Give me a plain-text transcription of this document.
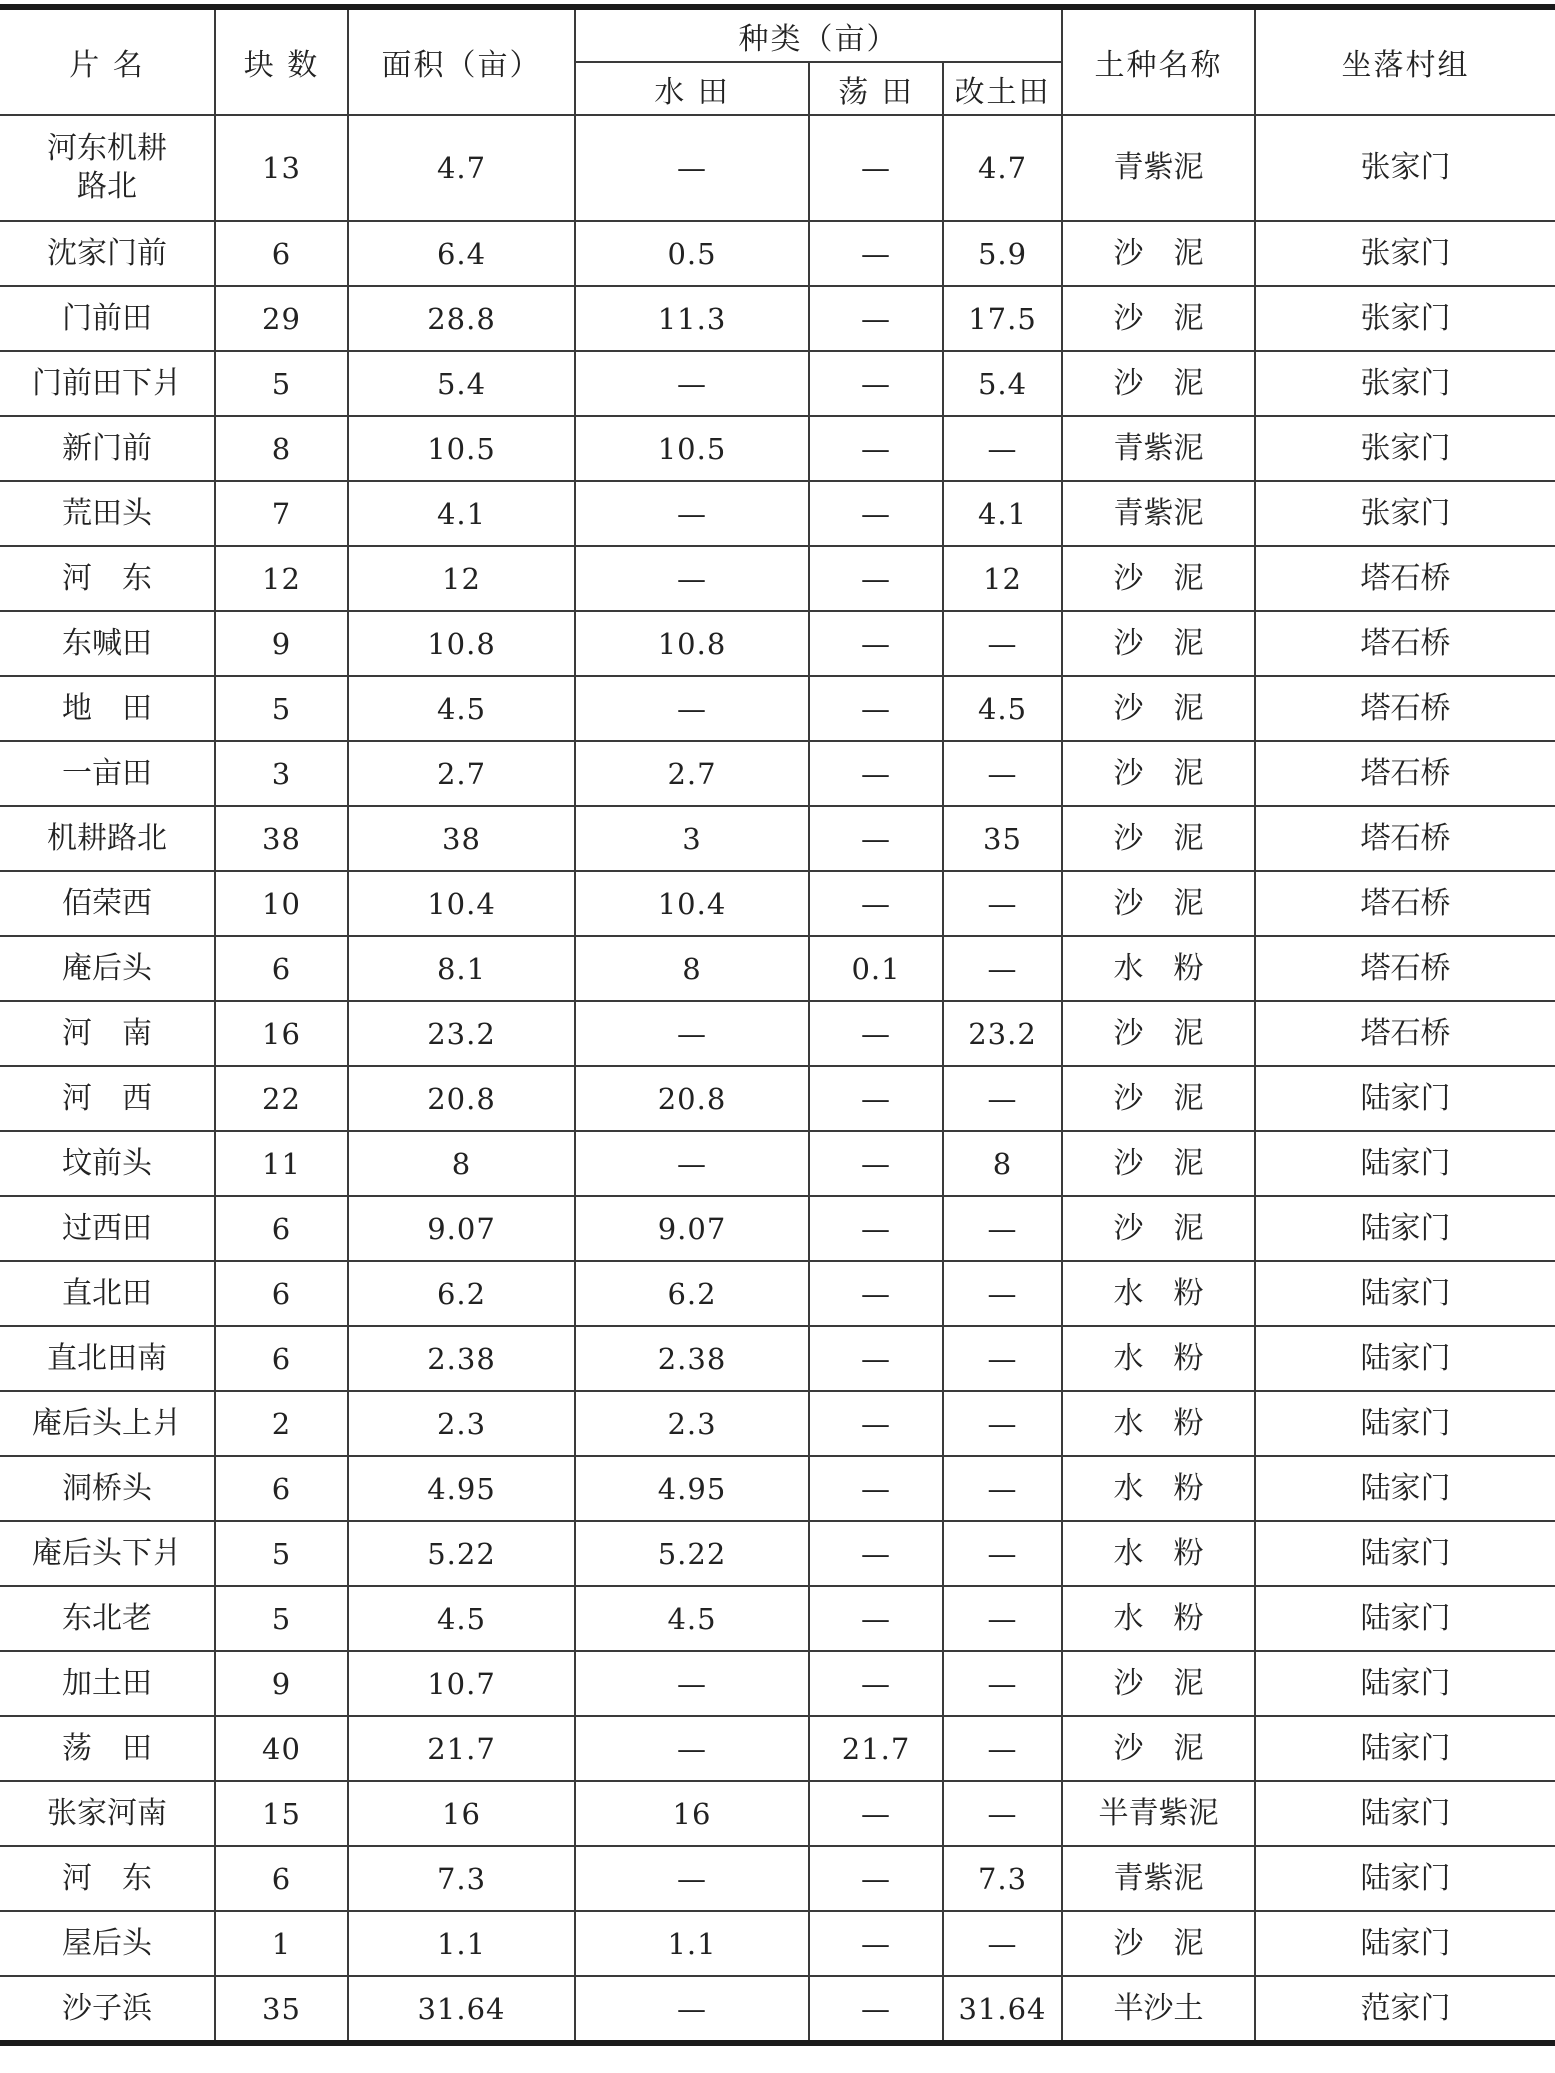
片 名	块 数	面积（亩）	种类（亩）			土种名称	坐落村组
			水 田	荡 田	改土田		
河东机耕路北	13	4.7	—	—	4.7	青紫泥	张家门
沈家门前	6	6.4	0.5	—	5.9	沙　泥	张家门
门前田	29	28.8	11.3	—	17.5	沙　泥	张家门
门前田下爿	5	5.4	—	—	5.4	沙　泥	张家门
新门前	8	10.5	10.5	—	—	青紫泥	张家门
荒田头	7	4.1	—	—	4.1	青紫泥	张家门
河　东	12	12	—	—	12	沙　泥	塔石桥
东喊田	9	10.8	10.8	—	—	沙　泥	塔石桥
地　田	5	4.5	—	—	4.5	沙　泥	塔石桥
一亩田	3	2.7	2.7	—	—	沙　泥	塔石桥
机耕路北	38	38	3	—	35	沙　泥	塔石桥
佰荣西	10	10.4	10.4	—	—	沙　泥	塔石桥
庵后头	6	8.1	8	0.1	—	水　粉	塔石桥
河　南	16	23.2	—	—	23.2	沙　泥	塔石桥
河　西	22	20.8	20.8	—	—	沙　泥	陆家门
坟前头	11	8	—	—	8	沙　泥	陆家门
过西田	6	9.07	9.07	—	—	沙　泥	陆家门
直北田	6	6.2	6.2	—	—	水　粉	陆家门
直北田南	6	2.38	2.38	—	—	水　粉	陆家门
庵后头上爿	2	2.3	2.3	—	—	水　粉	陆家门
洞桥头	6	4.95	4.95	—	—	水　粉	陆家门
庵后头下爿	5	5.22	5.22	—	—	水　粉	陆家门
东北老	5	4.5	4.5	—	—	水　粉	陆家门
加土田	9	10.7	—	—	—	沙　泥	陆家门
荡　田	40	21.7	—	21.7	—	沙　泥	陆家门
张家河南	15	16	16	—	—	半青紫泥	陆家门
河　东	6	7.3	—	—	7.3	青紫泥	陆家门
屋后头	1	1.1	1.1	—	—	沙　泥	陆家门
沙子浜	35	31.64	—	—	31.64	半沙土	范家门
